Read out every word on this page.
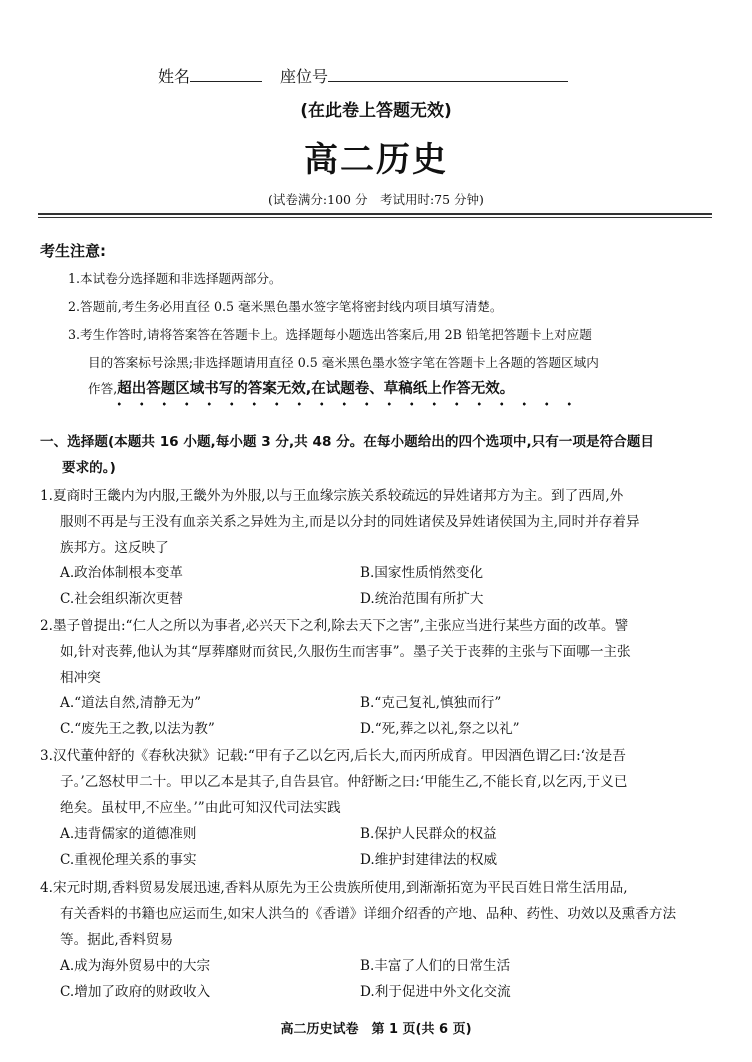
姓名	座位号
(在此卷上答题无效)
高二历史
(试卷满分:100 分　考试用时:75 分钟)
考生注意:
1.本试卷分选择题和非选择题两部分。
2.答题前,考生务必用直径 0.5 毫米黑色墨水签字笔将密封线内项目填写清楚。
3.考生作答时,请将答案答在答题卡上。选择题每小题选出答案后,用 2B 铅笔把答题卡上对应题
目的答案标号涂黑;非选择题请用直径 0.5 毫米黑色墨水签字笔在答题卡上各题的答题区域内
作答,超出答题区域书写的答案无效,在试题卷、草稿纸上作答无效。
一、选择题(本题共 16 小题,每小题 3 分,共 48 分。在每小题给出的四个选项中,只有一项是符合题目
要求的。)
1.夏商时王畿内为内服,王畿外为外服,以与王血缘宗族关系较疏远的异姓诸邦方为主。到了西周,外
服则不再是与王没有血亲关系之异姓为主,而是以分封的同姓诸侯及异姓诸侯国为主,同时并存着异
族邦方。这反映了
A.政治体制根本变革	B.国家性质悄然变化
C.社会组织渐次更替	D.统治范围有所扩大
2.墨子曾提出:“仁人之所以为事者,必兴天下之利,除去天下之害”,主张应当进行某些方面的改革。譬
如,针对丧葬,他认为其“厚葬靡财而贫民,久服伤生而害事”。墨子关于丧葬的主张与下面哪一主张
相冲突
A.“道法自然,清静无为”	B.“克己复礼,慎独而行”
C.“废先王之教,以法为教”	D.“死,葬之以礼,祭之以礼”
3.汉代董仲舒的《春秋决狱》记载:“甲有子乙以乞丙,后长大,而丙所成育。甲因酒色谓乙曰:‘汝是吾
子。’乙怒杖甲二十。甲以乙本是其子,自告县官。仲舒断之曰:‘甲能生乙,不能长育,以乞丙,于义已
绝矣。虽杖甲,不应坐。’”由此可知汉代司法实践
A.违背儒家的道德准则	B.保护人民群众的权益
C.重视伦理关系的事实	D.维护封建律法的权威
4.宋元时期,香料贸易发展迅速,香料从原先为王公贵族所使用,到渐渐拓宽为平民百姓日常生活用品,
有关香料的书籍也应运而生,如宋人洪刍的《香谱》详细介绍香的产地、品种、药性、功效以及熏香方法
等。据此,香料贸易
A.成为海外贸易中的大宗	B.丰富了人们的日常生活
C.增加了政府的财政收入	D.利于促进中外文化交流
高二历史试卷　第 1 页(共 6 页)
